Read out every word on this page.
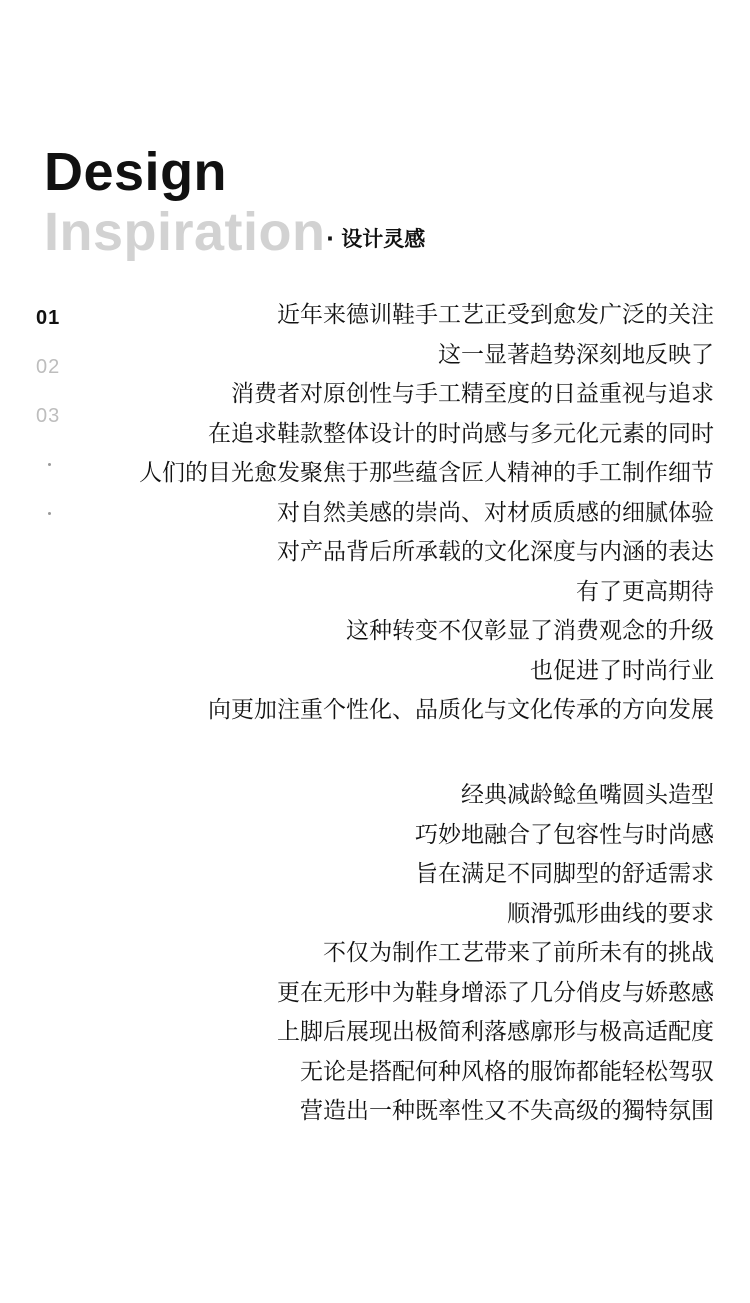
Design
Inspiration · 设计灵感
01
02
03
近年来德训鞋手工艺正受到愈发广泛的关注
这一显著趋势深刻地反映了
消费者对原创性与手工精至度的日益重视与追求
在追求鞋款整体设计的时尚感与多元化元素的同时
人们的目光愈发聚焦于那些蕴含匠人精神的手工制作细节
对自然美感的崇尚、对材质质感的细腻体验
对产品背后所承载的文化深度与内涵的表达
有了更高期待
这种转变不仅彰显了消费观念的升级
也促进了时尚行业
向更加注重个性化、品质化与文化传承的方向发展
经典减龄鲶鱼嘴圆头造型
巧妙地融合了包容性与时尚感
旨在满足不同脚型的舒适需求
顺滑弧形曲线的要求
不仅为制作工艺带来了前所未有的挑战
更在无形中为鞋身增添了几分俏皮与娇憨感
上脚后展现出极简利落感廓形与极高适配度
无论是搭配何种风格的服饰都能轻松驾驭
营造出一种既率性又不失高级的獨特氛围
